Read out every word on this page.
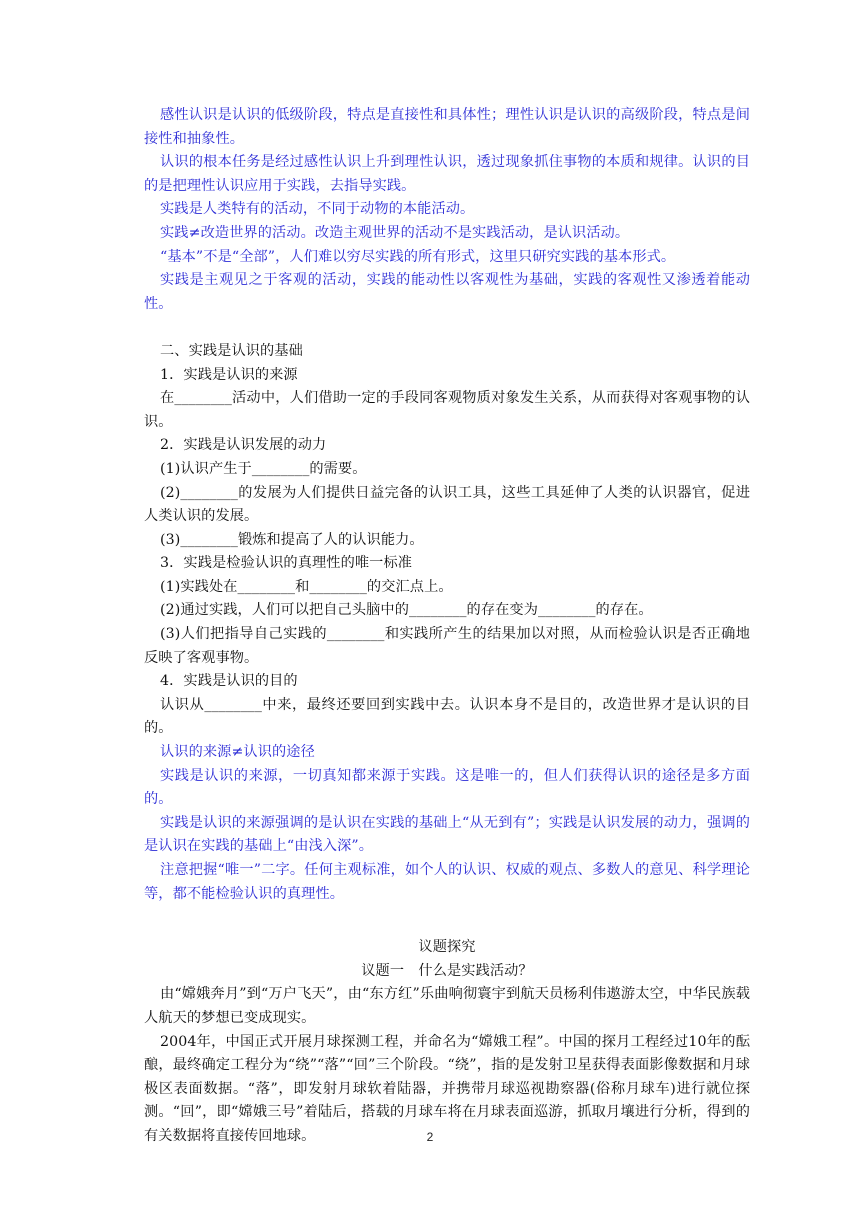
感性认识是认识的低级阶段，特点是直接性和具体性；理性认识是认识的高级阶段，特点是间接性和抽象性。

认识的根本任务是经过感性认识上升到理性认识，透过现象抓住事物的本质和规律。认识的目的是把理性认识应用于实践，去指导实践。

实践是人类特有的活动，不同于动物的本能活动。

实践≠改造世界的活动。改造主观世界的活动不是实践活动，是认识活动。

“基本”不是“全部”，人们难以穷尽实践的所有形式，这里只研究实践的基本形式。

实践是主观见之于客观的活动，实践的能动性以客观性为基础，实践的客观性又渗透着能动性。

二、实践是认识的基础

1．实践是认识的来源

在________活动中，人们借助一定的手段同客观物质对象发生关系，从而获得对客观事物的认识。

2．实践是认识发展的动力

(1)认识产生于________的需要。

(2)________的发展为人们提供日益完备的认识工具，这些工具延伸了人类的认识器官，促进人类认识的发展。

(3)________锻炼和提高了人的认识能力。

3．实践是检验认识的真理性的唯一标准

(1)实践处在________和________的交汇点上。

(2)通过实践，人们可以把自己头脑中的________的存在变为________的存在。

(3)人们把指导自己实践的________和实践所产生的结果加以对照，从而检验认识是否正确地反映了客观事物。

4．实践是认识的目的

认识从________中来，最终还要回到实践中去。认识本身不是目的，改造世界才是认识的目的。

认识的来源≠认识的途径

实践是认识的来源，一切真知都来源于实践。这是唯一的，但人们获得认识的途径是多方面的。

实践是认识的来源强调的是认识在实践的基础上“从无到有”；实践是认识发展的动力，强调的是认识在实践的基础上“由浅入深”。

注意把握“唯一”二字。任何主观标准，如个人的认识、权威的观点、多数人的意见、科学理论等，都不能检验认识的真理性。

议题探究

议题一　什么是实践活动？

由“嫦娥奔月”到“万户飞天”，由“东方红”乐曲响彻寰宇到航天员杨利伟遨游太空，中华民族载人航天的梦想已变成现实。

2004年，中国正式开展月球探测工程，并命名为“嫦娥工程”。中国的探月工程经过10年的酝酿，最终确定工程分为“绕”“落”“回”三个阶段。“绕”，指的是发射卫星获得表面影像数据和月球极区表面数据。“落”，即发射月球软着陆器，并携带月球巡视勘察器(俗称月球车)进行就位探测。“回”，即“嫦娥三号”着陆后，搭载的月球车将在月球表面巡游，抓取月壤进行分析，得到的有关数据将直接传回地球。	2
